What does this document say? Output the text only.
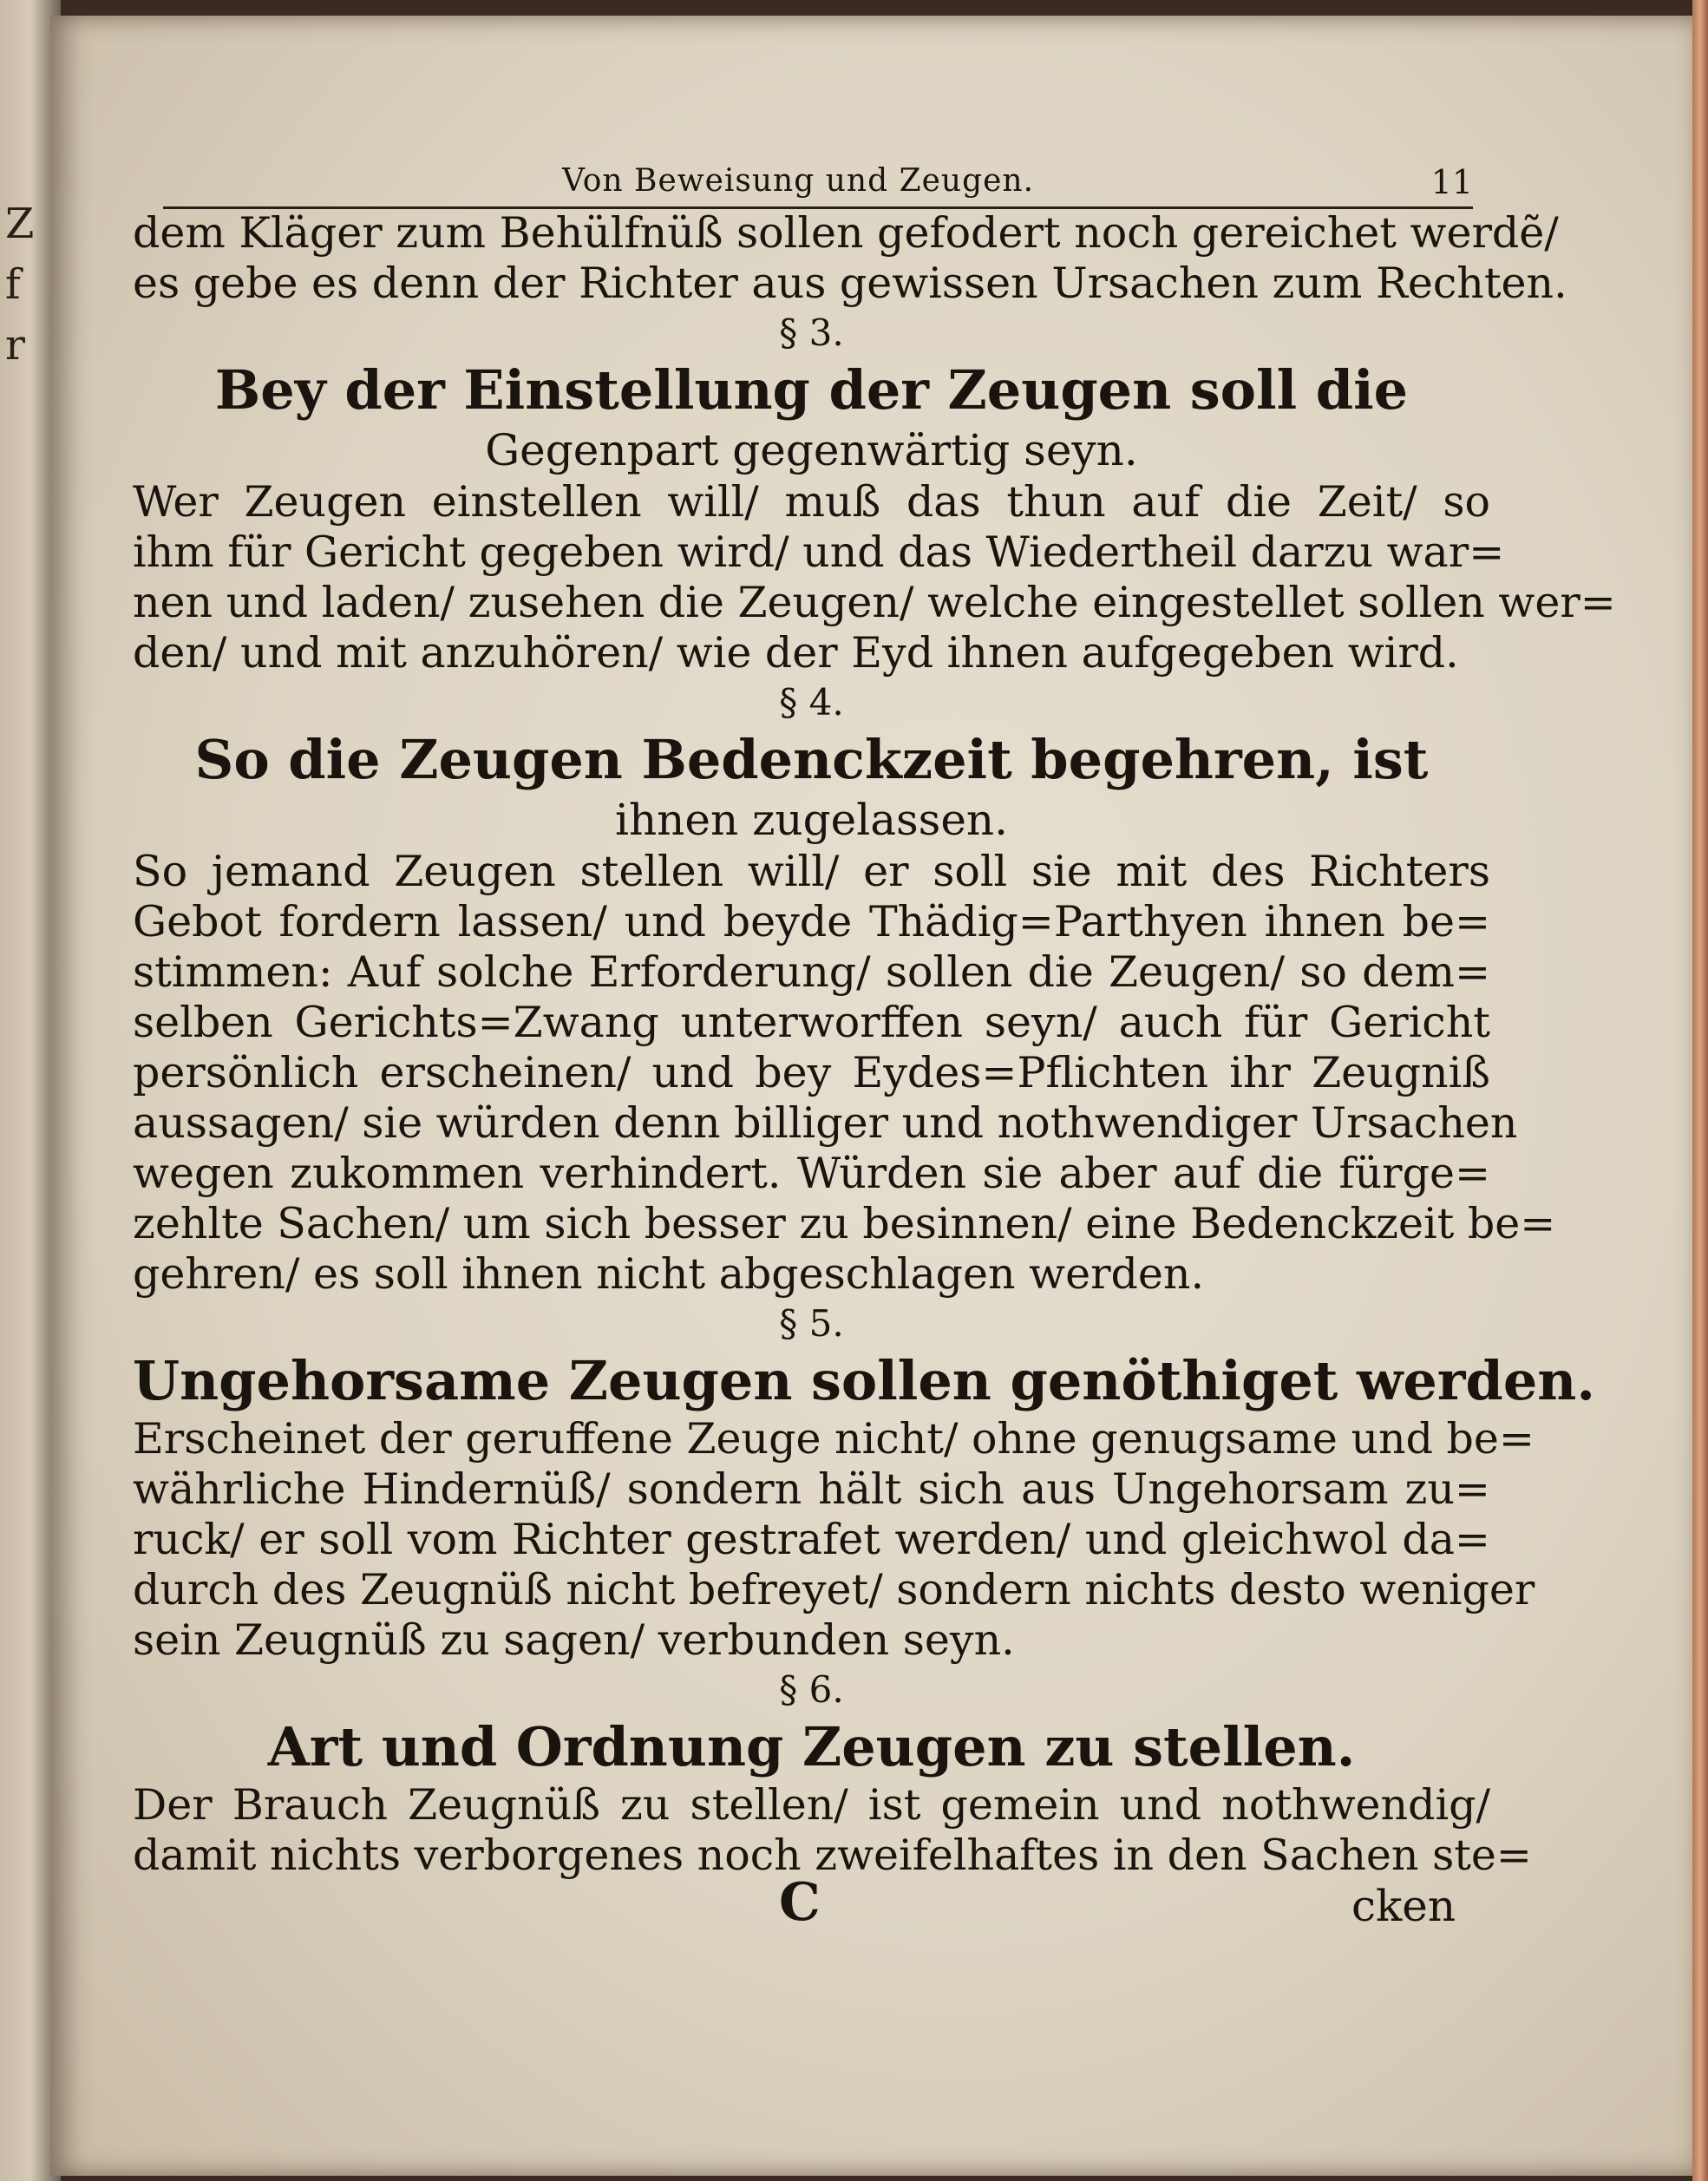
Z
f
r
Von Beweisung und Zeugen.	11
dem Kläger zum Behülfnüß sollen gefodert noch gereichet werdẽ/
es gebe es denn der Richter aus gewissen Ursachen zum Rechten.
§ 3.
Bey der Einstellung der Zeugen soll die
Gegenpart gegenwärtig seyn.
Wer Zeugen einstellen will/ muß das thun auf die Zeit/ so
ihm für Gericht gegeben wird/ und das Wiedertheil darzu war=
nen und laden/ zusehen die Zeugen/ welche eingestellet sollen wer=
den/ und mit anzuhören/ wie der Eyd ihnen aufgegeben wird.
§ 4.
So die Zeugen Bedenckzeit begehren, ist
ihnen zugelassen.
So jemand Zeugen stellen will/ er soll sie mit des Richters
Gebot fordern lassen/ und beyde Thädig=Parthyen ihnen be=
stimmen: Auf solche Erforderung/ sollen die Zeugen/ so dem=
selben Gerichts=Zwang unterworffen seyn/ auch für Gericht
persönlich erscheinen/ und bey Eydes=Pflichten ihr Zeugniß
aussagen/ sie würden denn billiger und nothwendiger Ursachen
wegen zukommen verhindert. Würden sie aber auf die fürge=
zehlte Sachen/ um sich besser zu besinnen/ eine Bedenckzeit be=
gehren/ es soll ihnen nicht abgeschlagen werden.
§ 5.
Ungehorsame Zeugen sollen genöthiget werden.
Erscheinet der geruffene Zeuge nicht/ ohne genugsame und be=
währliche Hindernüß/ sondern hält sich aus Ungehorsam zu=
ruck/ er soll vom Richter gestrafet werden/ und gleichwol da=
durch des Zeugnüß nicht befreyet/ sondern nichts desto weniger
sein Zeugnüß zu sagen/ verbunden seyn.
§ 6.
Art und Ordnung Zeugen zu stellen.
Der Brauch Zeugnüß zu stellen/ ist gemein und nothwendig/
damit nichts verborgenes noch zweifelhaftes in den Sachen ste=
C	cken
